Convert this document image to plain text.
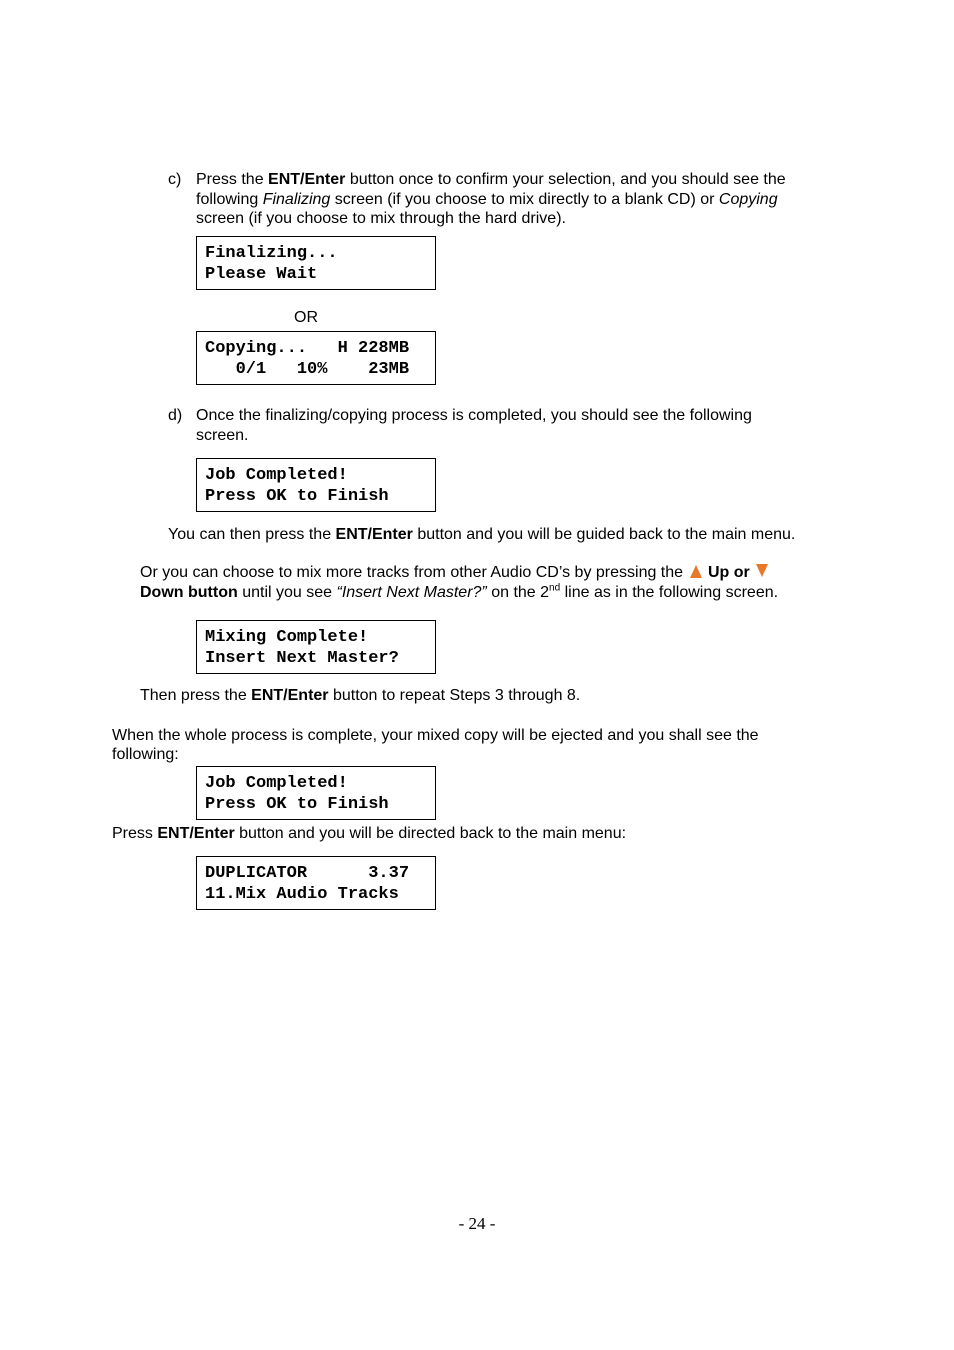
c) Press the ENT/Enter button once to confirm your selection, and you should see the
following Finalizing screen (if you choose to mix directly to a blank CD) or Copying
screen (if you choose to mix through the hard drive).
Finalizing...
Please Wait
OR
Copying...   H 228MB
0/1   10%    23MB
d) Once the finalizing/copying process is completed, you should see the following
screen.
Job Completed!
Press OK to Finish
You can then press the ENT/Enter button and you will be guided back to the main menu.
Or you can choose to mix more tracks from other Audio CD’s by pressing the  Up or
Down button until you see “Insert Next Master?” on the 2nd line as in the following screen.
Mixing Complete!
Insert Next Master?
Then press the ENT/Enter button to repeat Steps 3 through 8.
When the whole process is complete, your mixed copy will be ejected and you shall see the
following:
Job Completed!
Press OK to Finish
Press ENT/Enter button and you will be directed back to the main menu:
DUPLICATOR      3.37
11.Mix Audio Tracks
- 24 -
